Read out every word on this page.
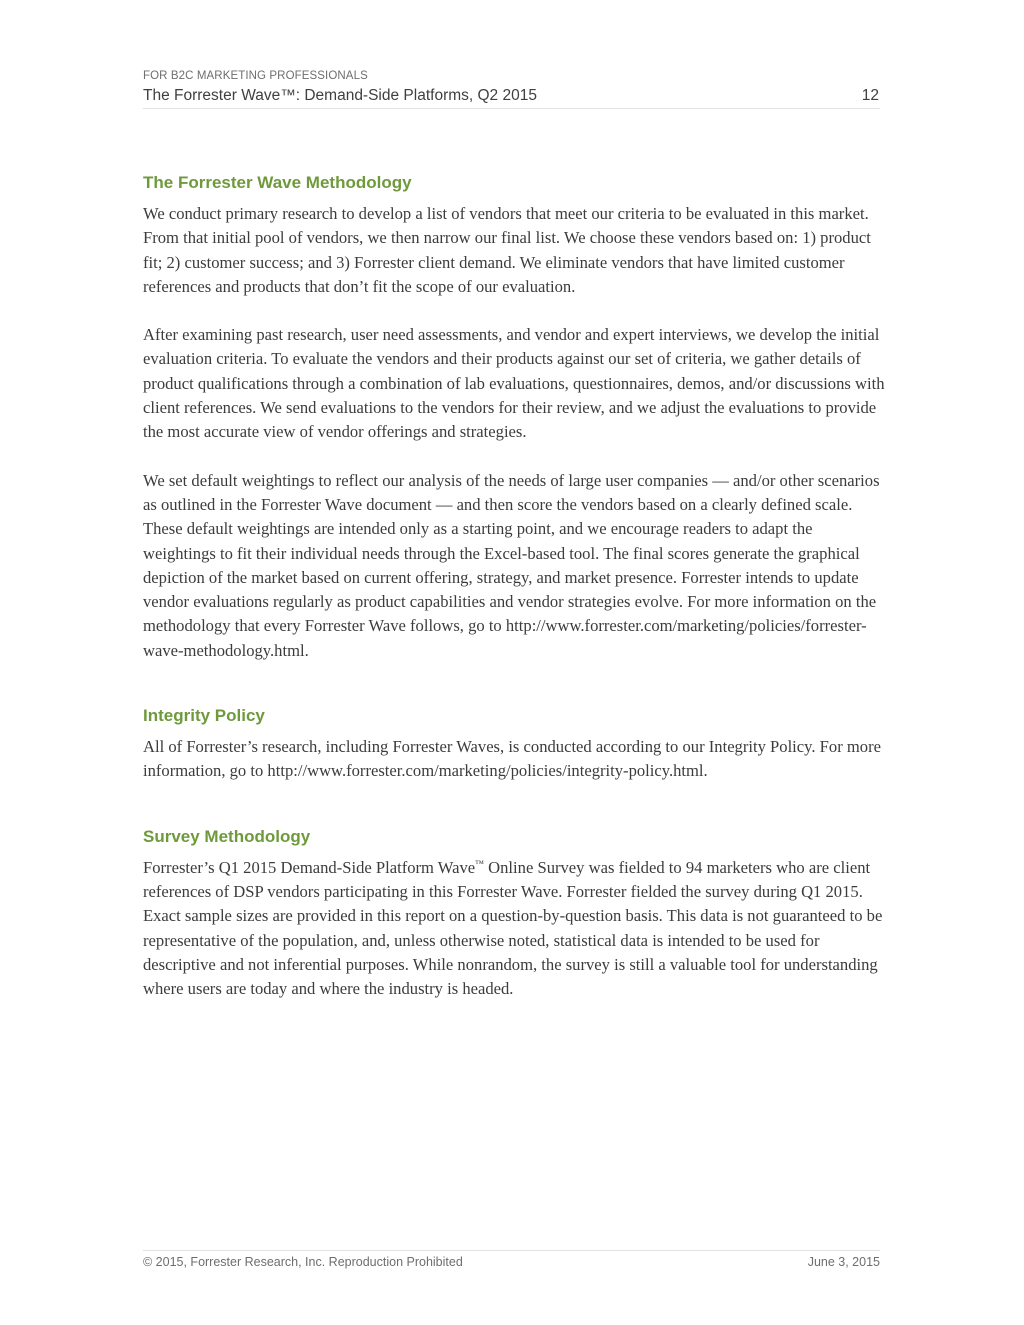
FOR B2C MARKETING PROFESSIONALS
The Forrester Wave™: Demand-Side Platforms, Q2 2015	12
The Forrester Wave Methodology

We conduct primary research to develop a list of vendors that meet our criteria to be evaluated in this market. From that initial pool of vendors, we then narrow our final list. We choose these vendors based on: 1) product fit; 2) customer success; and 3) Forrester client demand. We eliminate vendors that have limited customer references and products that don’t fit the scope of our evaluation.

After examining past research, user need assessments, and vendor and expert interviews, we develop the initial evaluation criteria. To evaluate the vendors and their products against our set of criteria, we gather details of product qualifications through a combination of lab evaluations, questionnaires, demos, and/or discussions with client references. We send evaluations to the vendors for their review, and we adjust the evaluations to provide the most accurate view of vendor offerings and strategies.

We set default weightings to reflect our analysis of the needs of large user companies — and/or other scenarios as outlined in the Forrester Wave document — and then score the vendors based on a clearly defined scale. These default weightings are intended only as a starting point, and we encourage readers to adapt the weightings to fit their individual needs through the Excel-based tool. The final scores generate the graphical depiction of the market based on current offering, strategy, and market presence. Forrester intends to update vendor evaluations regularly as product capabilities and vendor strategies evolve. For more information on the methodology that every Forrester Wave follows, go to http://www.forrester.com/marketing/policies/forrester-wave-methodology.html.

Integrity Policy

All of Forrester’s research, including Forrester Waves, is conducted according to our Integrity Policy. For more information, go to http://www.forrester.com/marketing/policies/integrity-policy.html.

Survey Methodology

Forrester’s Q1 2015 Demand-Side Platform Wave™ Online Survey was fielded to 94 marketers who are client references of DSP vendors participating in this Forrester Wave. Forrester fielded the survey during Q1 2015. Exact sample sizes are provided in this report on a question-by-question basis. This data is not guaranteed to be representative of the population, and, unless otherwise noted, statistical data is intended to be used for descriptive and not inferential purposes. While nonrandom, the survey is still a valuable tool for understanding where users are today and where the industry is headed.

© 2015, Forrester Research, Inc. Reproduction Prohibited	June 3, 2015
